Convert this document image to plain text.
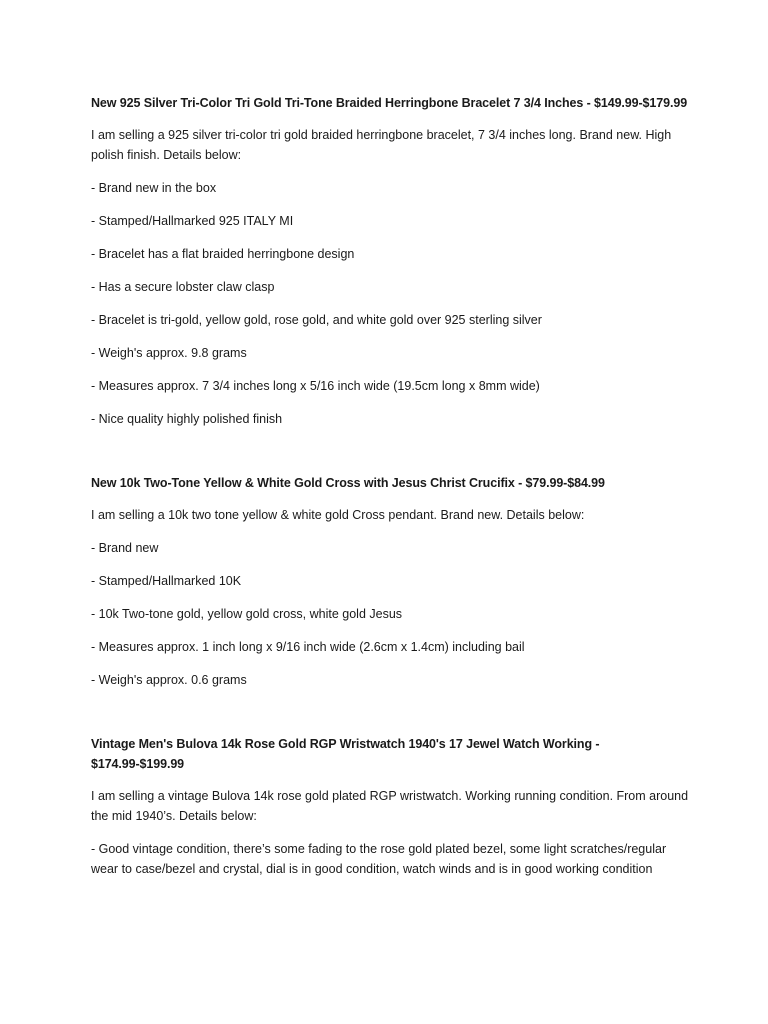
New 925 Silver Tri-Color Tri Gold Tri-Tone Braided Herringbone Bracelet 7 3/4 Inches - $149.99-$179.99

I am selling a 925 silver tri-color tri gold braided herringbone bracelet, 7 3/4 inches long. Brand new. High polish finish. Details below:

- Brand new in the box

- Stamped/Hallmarked 925 ITALY MI

- Bracelet has a flat braided herringbone design

- Has a secure lobster claw clasp

- Bracelet is tri-gold, yellow gold, rose gold, and white gold over 925 sterling silver

- Weigh's approx. 9.8 grams

- Measures approx. 7 3/4 inches long x 5/16 inch wide (19.5cm long x 8mm wide)

- Nice quality highly polished finish

New 10k Two-Tone Yellow & White Gold Cross with Jesus Christ Crucifix - $79.99-$84.99

I am selling a 10k two tone yellow & white gold Cross pendant. Brand new. Details below:

- Brand new

- Stamped/Hallmarked 10K

- 10k Two-tone gold, yellow gold cross, white gold Jesus

- Measures approx. 1 inch long x 9/16 inch wide (2.6cm x 1.4cm) including bail

- Weigh's approx. 0.6 grams

Vintage Men's Bulova 14k Rose Gold RGP Wristwatch 1940's 17 Jewel Watch Working - $174.99-$199.99

I am selling a vintage Bulova 14k rose gold plated RGP wristwatch. Working running condition. From around the mid 1940’s. Details below:

- Good vintage condition, there’s some fading to the rose gold plated bezel, some light scratches/regular wear to case/bezel and crystal, dial is in good condition, watch winds and is in good working condition
